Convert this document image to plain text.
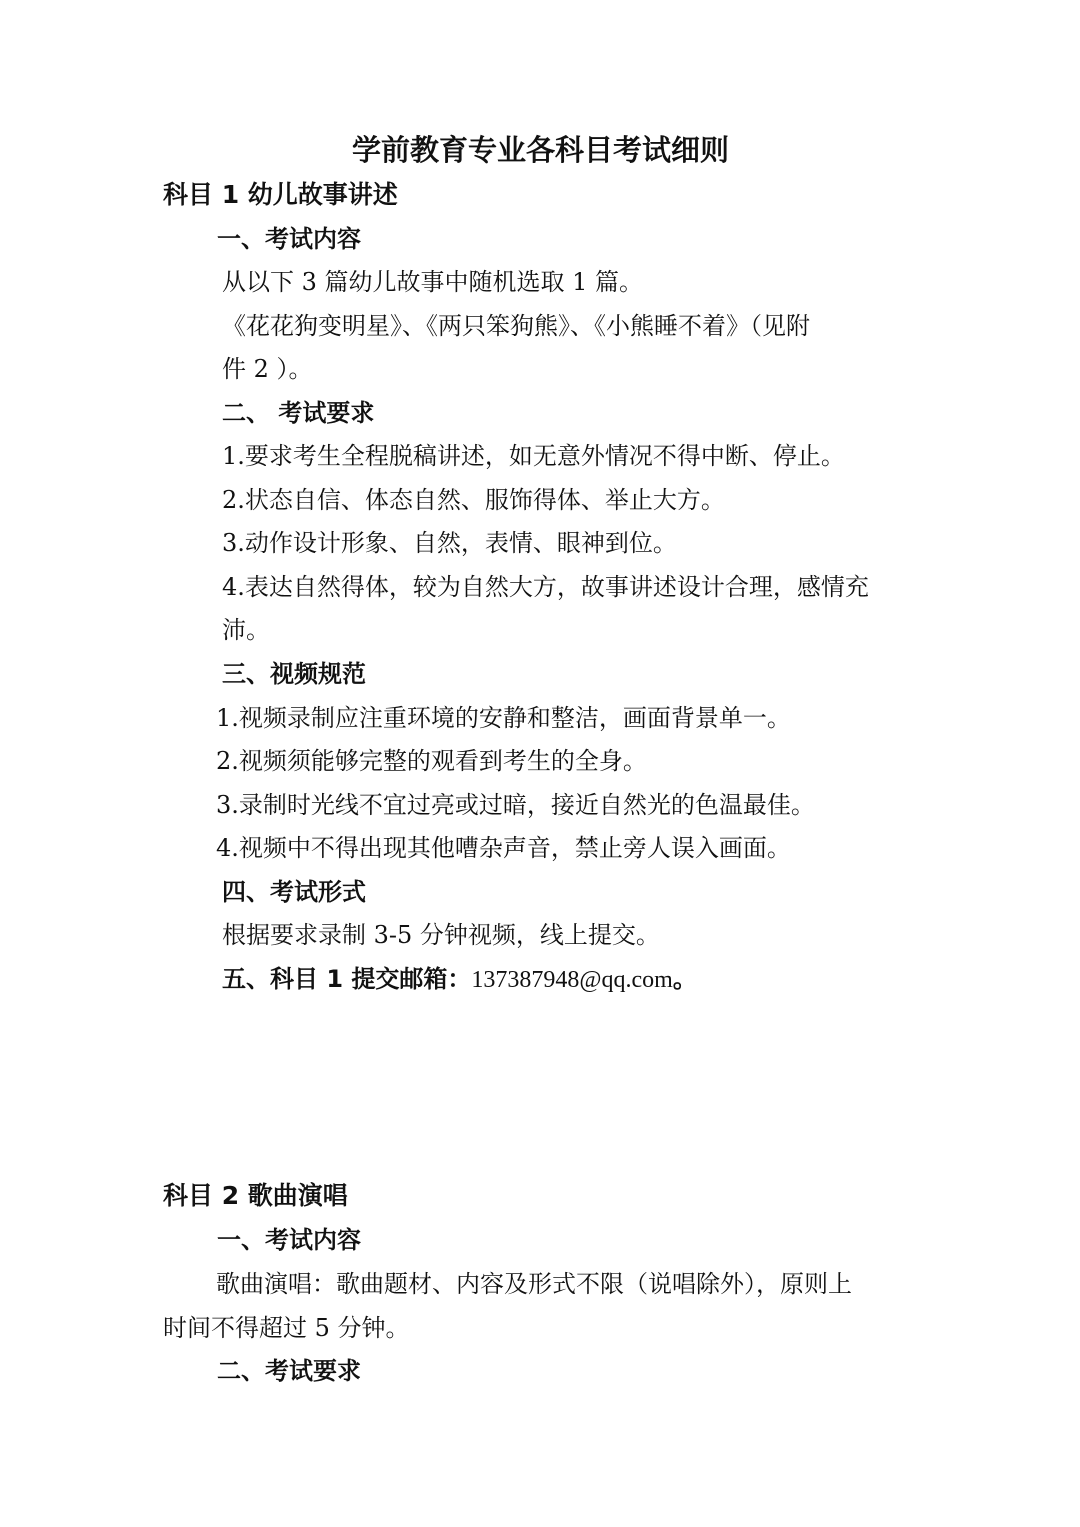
学前教育专业各科目考试细则
科目 1 幼儿故事讲述
一、考试内容
从以下 3 篇幼儿故事中随机选取 1 篇。
《花花狗变明星》、《两只笨狗熊》、《小熊睡不着》（见附
件 2 ）。
二、 考试要求
1.要求考生全程脱稿讲述，如无意外情况不得中断、停止。
2.状态自信、体态自然、服饰得体、举止大方。
3.动作设计形象、自然，表情、眼神到位。
4.表达自然得体，较为自然大方，故事讲述设计合理，感情充
沛。
三、视频规范
1.视频录制应注重环境的安静和整洁，画面背景单一。
2.视频须能够完整的观看到考生的全身。
3.录制时光线不宜过亮或过暗，接近自然光的色温最佳。
4.视频中不得出现其他嘈杂声音，禁止旁人误入画面。
四、考试形式
根据要求录制 3-5 分钟视频，线上提交。
五、科目 1 提交邮箱：137387948@qq.com。
科目 2 歌曲演唱
一、考试内容
歌曲演唱：歌曲题材、内容及形式不限（说唱除外），原则上
时间不得超过 5 分钟。
二、考试要求
